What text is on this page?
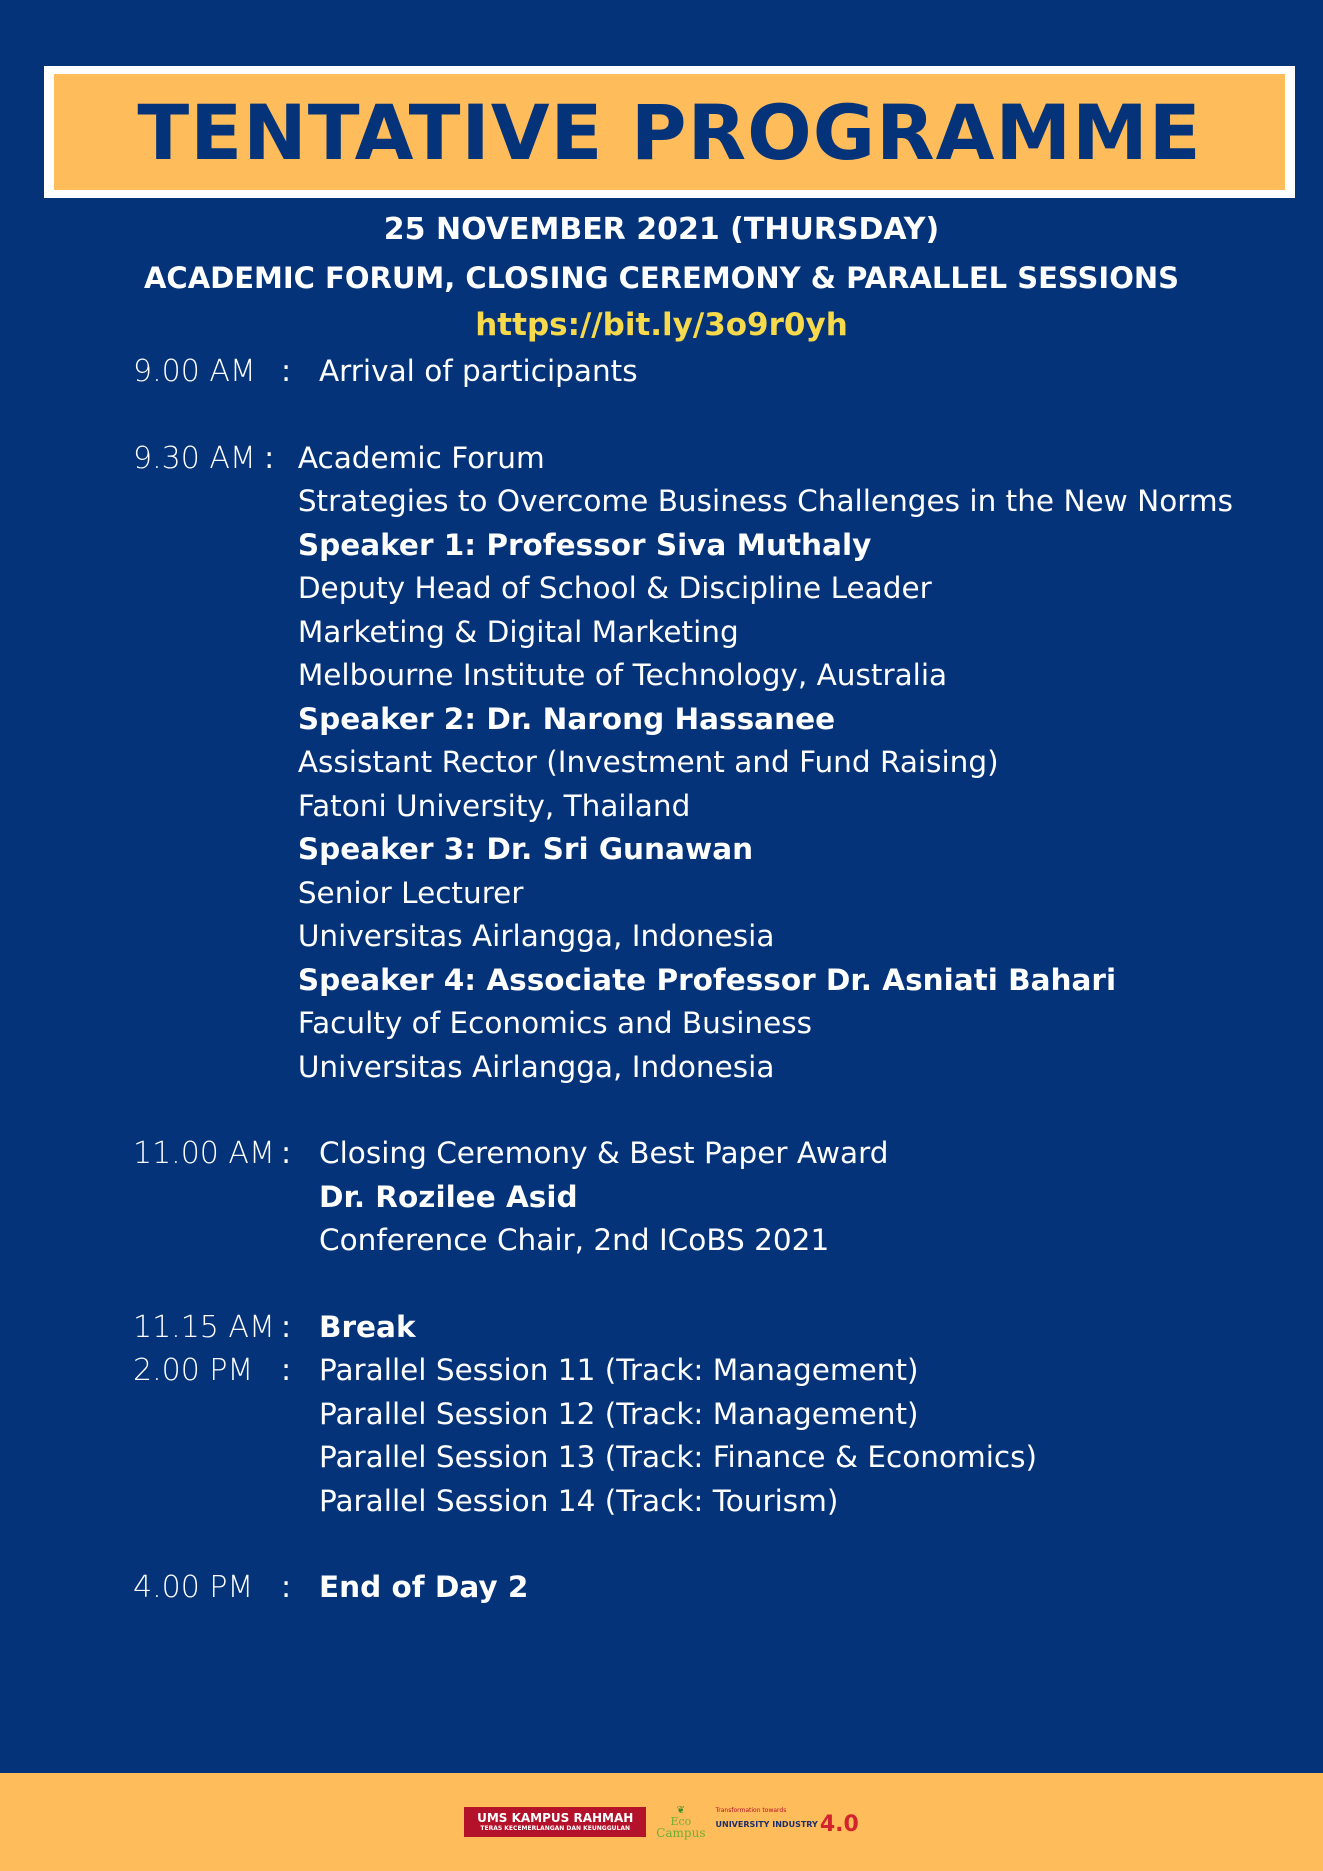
TENTATIVE PROGRAMME
25 NOVEMBER 2021 (THURSDAY)
ACADEMIC FORUM, CLOSING CEREMONY & PARALLEL SESSIONS
https://bit.ly/3o9r0yh
9.00 AM : Arrival of participants
9.30 AM : Academic Forum
Strategies to Overcome Business Challenges in the New Norms
Speaker 1: Professor Siva Muthaly
Deputy Head of School & Discipline Leader
Marketing & Digital Marketing
Melbourne Institute of Technology, Australia
Speaker 2: Dr. Narong Hassanee
Assistant Rector (Investment and Fund Raising)
Fatoni University, Thailand
Speaker 3: Dr. Sri Gunawan
Senior Lecturer
Universitas Airlangga, Indonesia
Speaker 4: Associate Professor Dr. Asniati Bahari
Faculty of Economics and Business
Universitas Airlangga, Indonesia
11.00 AM : Closing Ceremony & Best Paper Award
Dr. Rozilee Asid
Conference Chair, 2nd ICoBS 2021
11.15 AM : Break
2.00 PM : Parallel Session 11 (Track: Management)
Parallel Session 12 (Track: Management)
Parallel Session 13 (Track: Finance & Economics)
Parallel Session 14 (Track: Tourism)
4.00 PM : End of Day 2
UMS KAMPUS RAHMAH
TERAS KECEMERLANGAN DAN KEUNGGULAN
❦
Eco
Campus
Transformation towards
UNIVERSITY INDUSTRY 4.0
